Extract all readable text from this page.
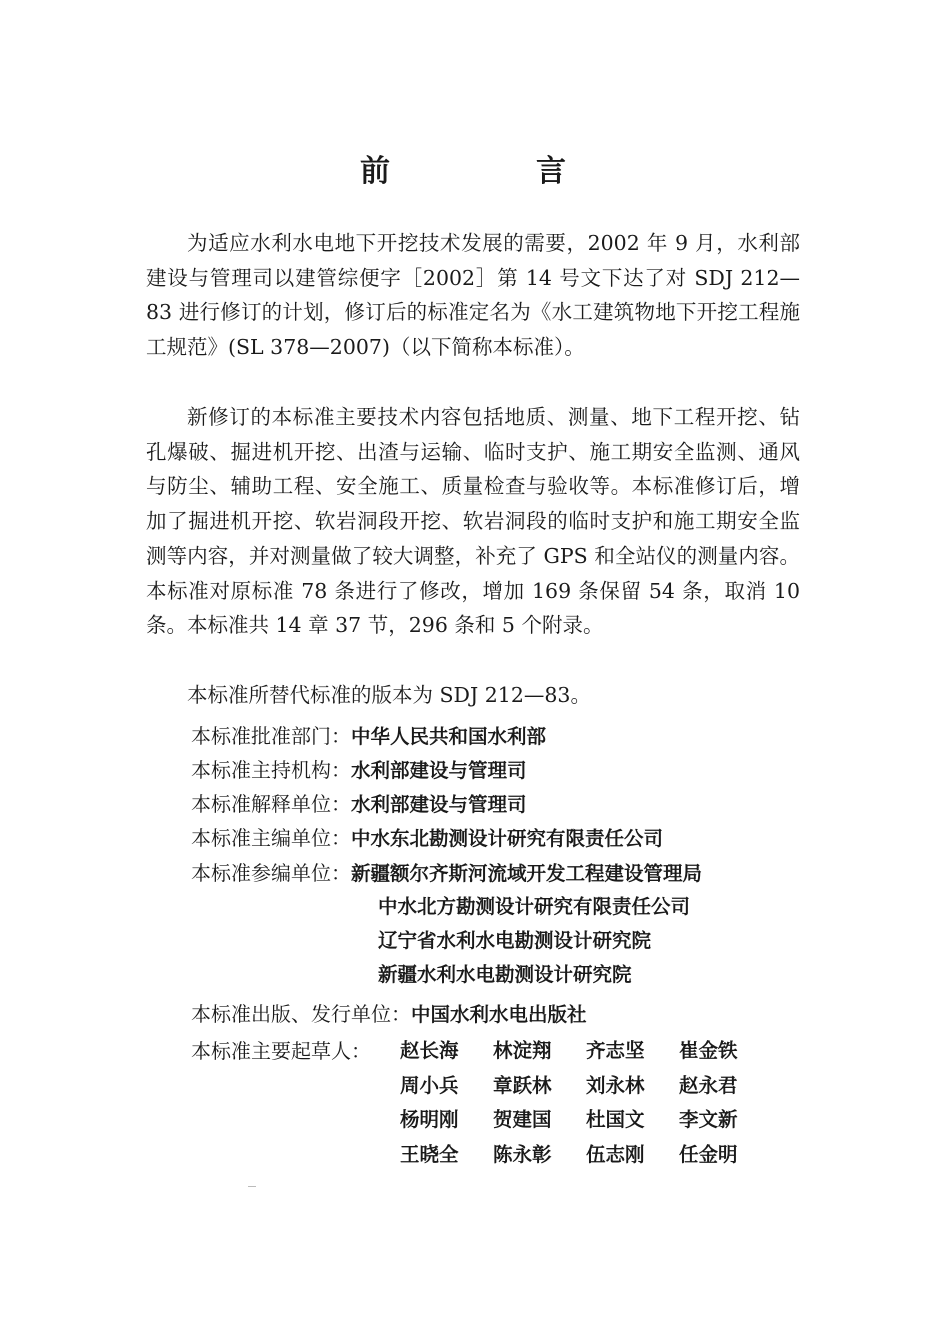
前　言

为适应水利水电地下开挖技术发展的需要，2002 年 9 月，水利部建设与管理司以建管综便字［2002］第 14 号文下达了对 SDJ 212—83 进行修订的计划，修订后的标准定名为《水工建筑物地下开挖工程施工规范》(SL 378—2007)（以下简称本标准）。

新修订的本标准主要技术内容包括地质、测量、地下工程开挖、钻孔爆破、掘进机开挖、出渣与运输、临时支护、施工期安全监测、通风与防尘、辅助工程、安全施工、质量检查与验收等。本标准修订后，增加了掘进机开挖、软岩洞段开挖、软岩洞段的临时支护和施工期安全监测等内容，并对测量做了较大调整，补充了 GPS 和全站仪的测量内容。本标准对原标准 78 条进行了修改，增加 169 条保留 54 条，取消 10 条。本标准共 14 章 37 节，296 条和 5 个附录。

本标准所替代标准的版本为 SDJ 212—83。

本标准批准部门：中华人民共和国水利部
本标准主持机构：水利部建设与管理司
本标准解释单位：水利部建设与管理司
本标准主编单位：中水东北勘测设计研究有限责任公司
本标准参编单位：新疆额尔齐斯河流域开发工程建设管理局
中水北方勘测设计研究有限责任公司
辽宁省水利水电勘测设计研究院
新疆水利水电勘测设计研究院
本标准出版、发行单位：中国水利水电出版社
本标准主要起草人： 赵长海 林淀翔 齐志坚 崔金铁
周小兵 章跃林 刘永林 赵永君
杨明刚 贺建国 杜国文 李文新
王晓全 陈永彰 伍志刚 任金明
